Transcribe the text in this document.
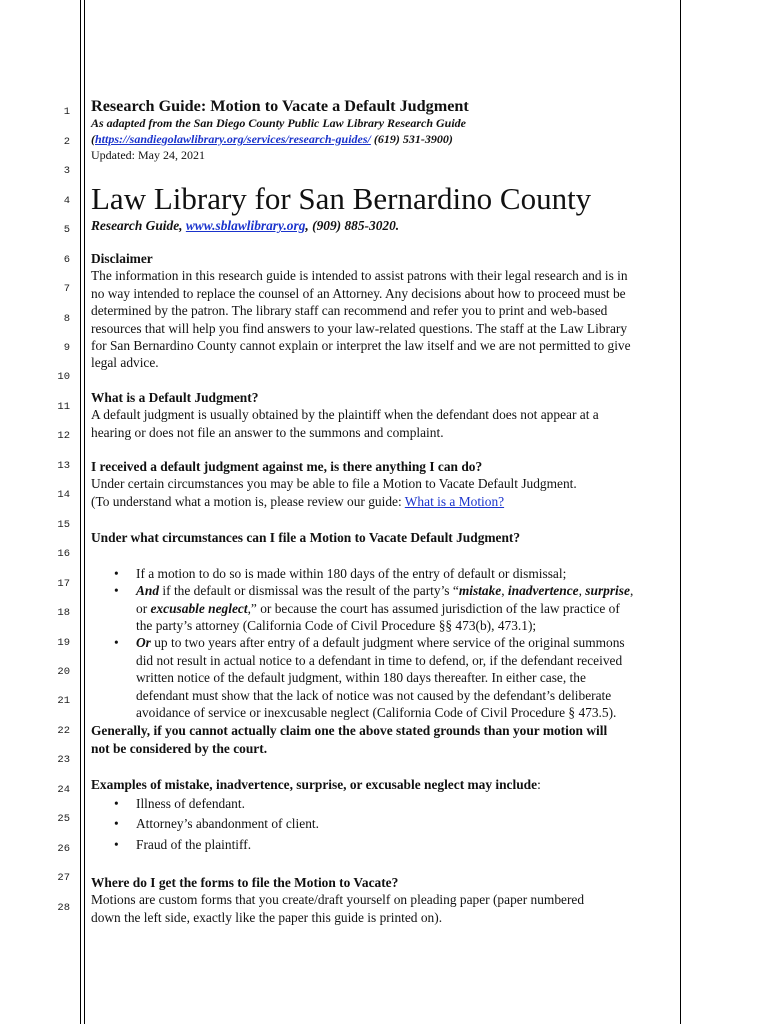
1
2
3
4
5
6
7
8
9
10
11
12
13
14
15
16
17
18
19
20
21
22
23
24
25
26
27
28
Research Guide: Motion to Vacate a Default Judgment
As adapted from the San Diego County Public Law Library Research Guide
(https://sandiegolawlibrary.org/services/research-guides/ (619) 531-3900)
Updated: May 24, 2021
Law Library for San Bernardino County
Research Guide, www.sblawlibrary.org, (909) 885-3020.
Disclaimer
The information in this research guide is intended to assist patrons with their legal research and is in
no way intended to replace the counsel of an Attorney. Any decisions about how to proceed must be
determined by the patron. The library staff can recommend and refer you to print and web-based
resources that will help you find answers to your law-related questions. The staff at the Law Library
for San Bernardino County cannot explain or interpret the law itself and we are not permitted to give
legal advice.
What is a Default Judgment?
A default judgment is usually obtained by the plaintiff when the defendant does not appear at a
hearing or does not file an answer to the summons and complaint.
I received a default judgment against me, is there anything I can do?
Under certain circumstances you may be able to file a Motion to Vacate Default Judgment.
(To understand what a motion is, please review our guide: What is a Motion?
Under what circumstances can I file a Motion to Vacate Default Judgment?
• If a motion to do so is made within 180 days of the entry of default or dismissal;
• And if the default or dismissal was the result of the party’s “mistake, inadvertence, surprise,
or excusable neglect,” or because the court has assumed jurisdiction of the law practice of
the party’s attorney (California Code of Civil Procedure §§ 473(b), 473.1);
• Or up to two years after entry of a default judgment where service of the original summons
did not result in actual notice to a defendant in time to defend, or, if the defendant received
written notice of the default judgment, within 180 days thereafter. In either case, the
defendant must show that the lack of notice was not caused by the defendant’s deliberate
avoidance of service or inexcusable neglect (California Code of Civil Procedure § 473.5).
Generally, if you cannot actually claim one the above stated grounds than your motion will
not be considered by the court.
Examples of mistake, inadvertence, surprise, or excusable neglect may include:
• Illness of defendant.
• Attorney’s abandonment of client.
• Fraud of the plaintiff.
Where do I get the forms to file the Motion to Vacate?
Motions are custom forms that you create/draft yourself on pleading paper (paper numbered
down the left side, exactly like the paper this guide is printed on).
